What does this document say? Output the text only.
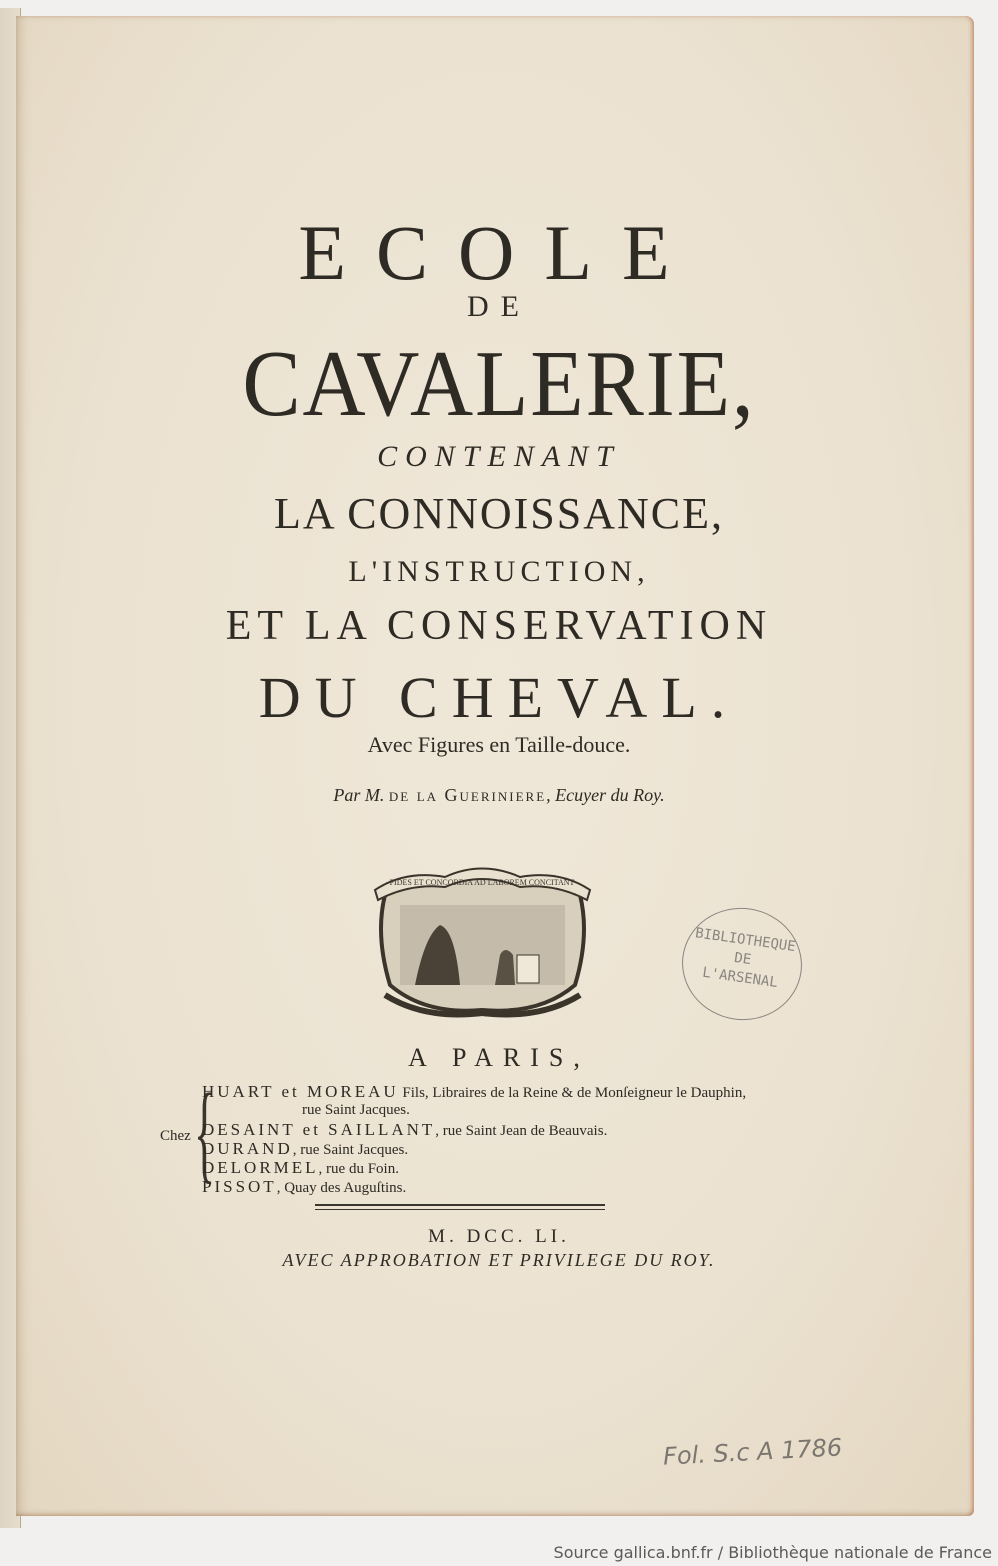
ECOLE
DE
CAVALERIE,
CONTENANT
LA CONNOISSANCE,
L'INSTRUCTION,
ET LA CONSERVATION
DU CHEVAL.
Avec Figures en Taille-douce.
Par M. de la Gueriniere, Ecuyer du Roy.
FIDES ET CONCORDIA AD LABOREM CONCITANT
BIBLIOTHEQUE
DE
L'ARSENAL
A PARIS,
Chez {
HUART et MOREAU Fils, Libraires de la Reine & de Monſeigneur le Dauphin,
rue Saint Jacques.
DESAINT et SAILLANT, rue Saint Jean de Beauvais.
DURAND, rue Saint Jacques.
DELORMEL, rue du Foin.
PISSOT, Quay des Auguſtins.
M. DCC. LI.
AVEC APPROBATION ET PRIVILEGE DU ROY.
Fol. S.c A 1786
Source gallica.bnf.fr / Bibliothèque nationale de France
